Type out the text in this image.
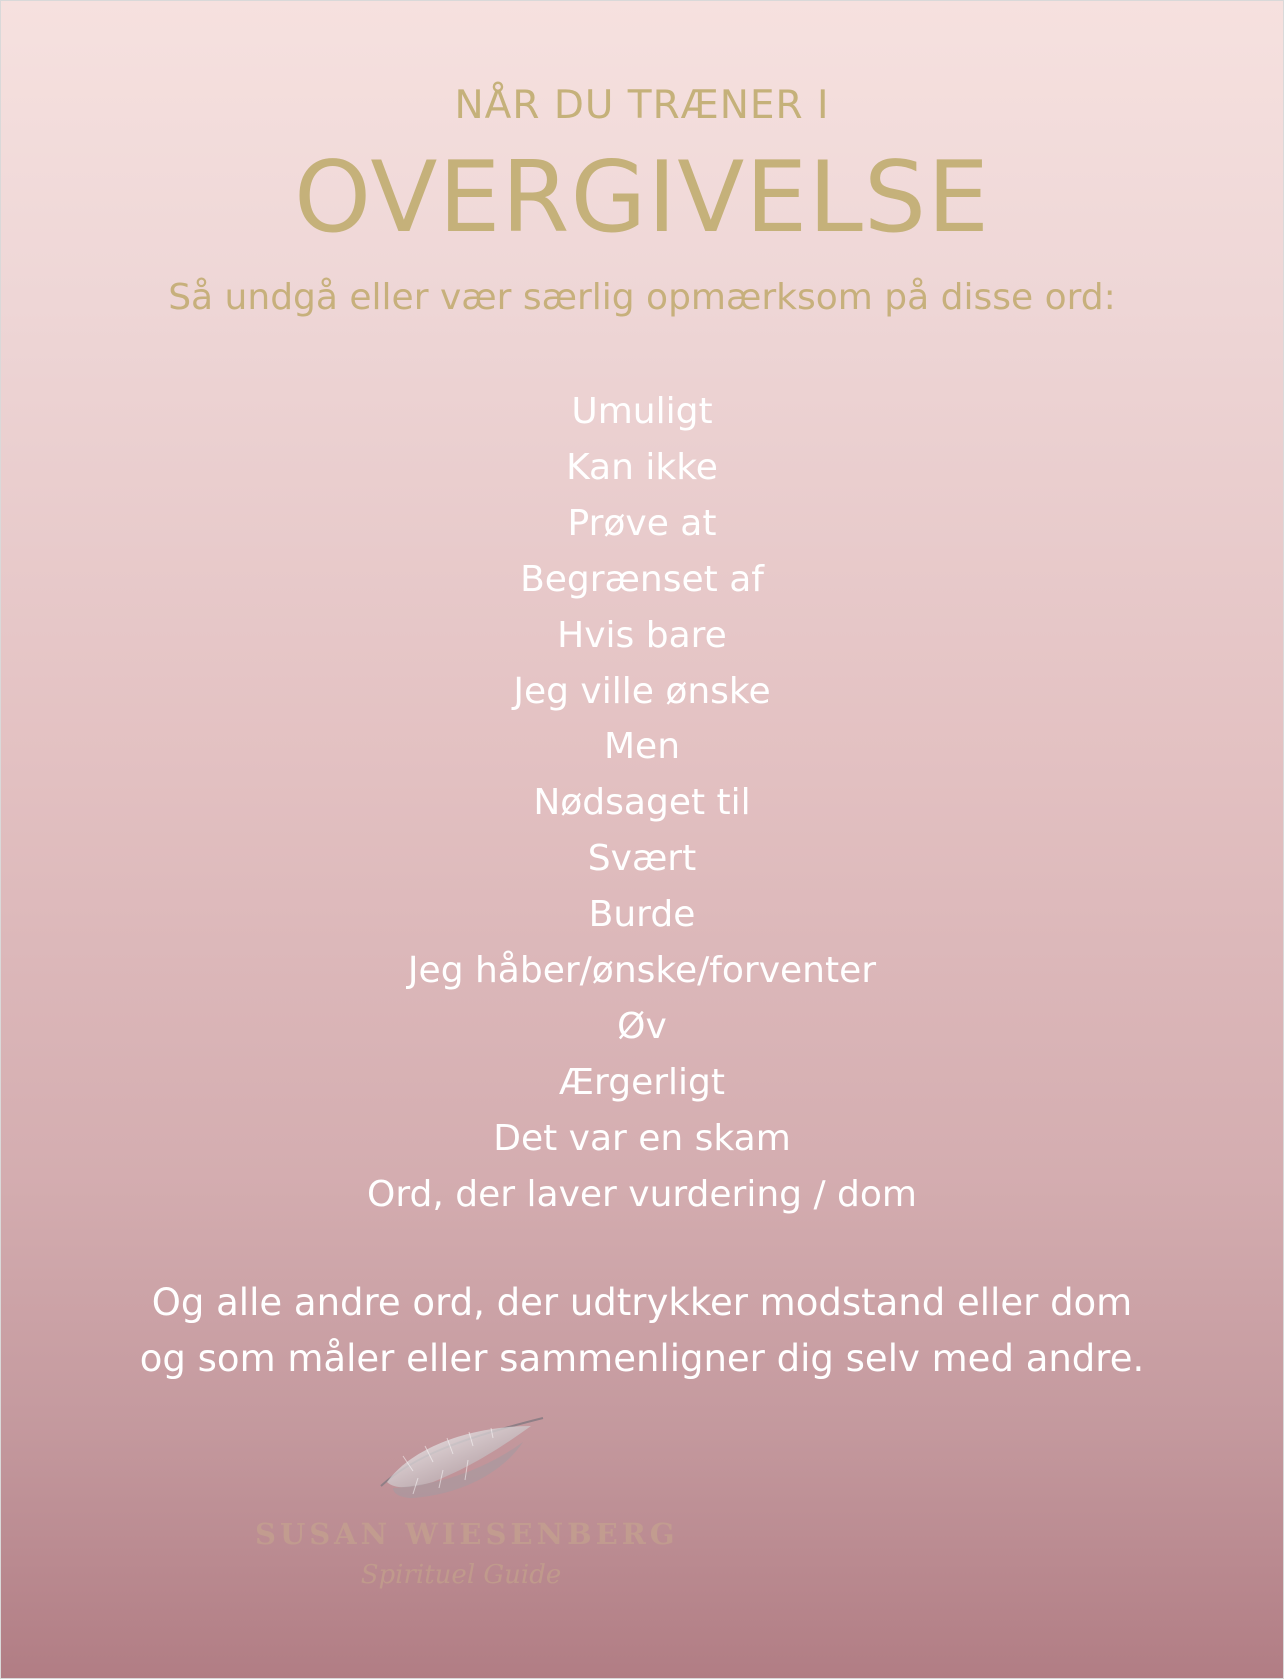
NÅR DU TRÆNER I
OVERGIVELSE
Så undgå eller vær særlig opmærksom på disse ord:
Umuligt
Kan ikke
Prøve at
Begrænset af
Hvis bare
Jeg ville ønske
Men
Nødsaget til
Svært
Burde
Jeg håber/ønske/forventer
Øv
Ærgerligt
Det var en skam
Ord, der laver vurdering / dom
Og alle andre ord, der udtrykker modstand eller dom
og som måler eller sammenligner dig selv med andre.
SUSAN WIESENBERG
Spirituel Guide
